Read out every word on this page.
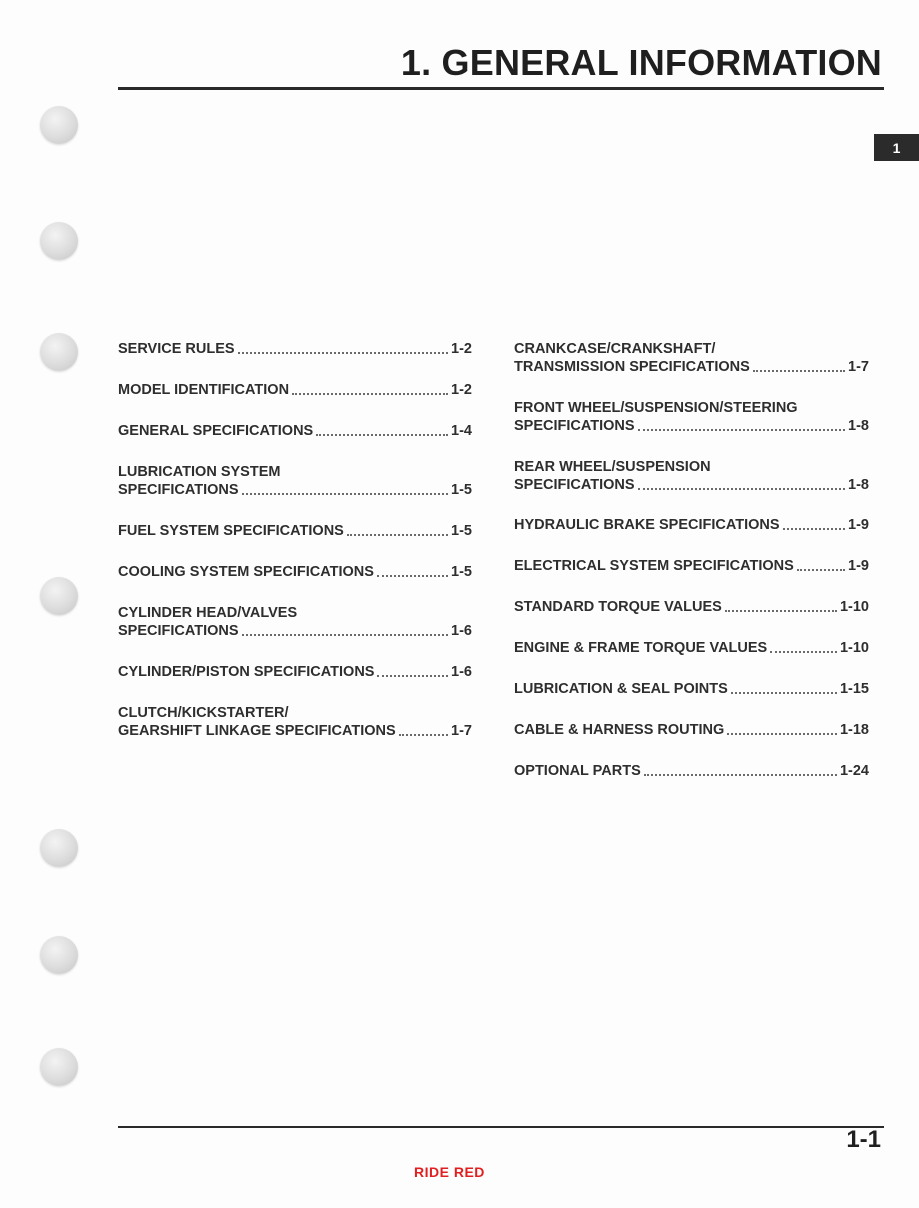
1. GENERAL INFORMATION
1
SERVICE RULES	1-2
MODEL IDENTIFICATION	1-2
GENERAL SPECIFICATIONS	1-4
LUBRICATION SYSTEM
SPECIFICATIONS	1-5
FUEL SYSTEM SPECIFICATIONS	1-5
COOLING SYSTEM SPECIFICATIONS	1-5
CYLINDER HEAD/VALVES
SPECIFICATIONS	1-6
CYLINDER/PISTON SPECIFICATIONS	1-6
CLUTCH/KICKSTARTER/
GEARSHIFT LINKAGE SPECIFICATIONS	1-7
CRANKCASE/CRANKSHAFT/
TRANSMISSION SPECIFICATIONS	1-7
FRONT WHEEL/SUSPENSION/STEERING
SPECIFICATIONS	1-8
REAR WHEEL/SUSPENSION
SPECIFICATIONS	1-8
HYDRAULIC BRAKE SPECIFICATIONS	1-9
ELECTRICAL SYSTEM SPECIFICATIONS	1-9
STANDARD TORQUE VALUES	1-10
ENGINE & FRAME TORQUE VALUES	1-10
LUBRICATION & SEAL POINTS	1-15
CABLE & HARNESS ROUTING	1-18
OPTIONAL PARTS	1-24
1-1
RIDE RED
